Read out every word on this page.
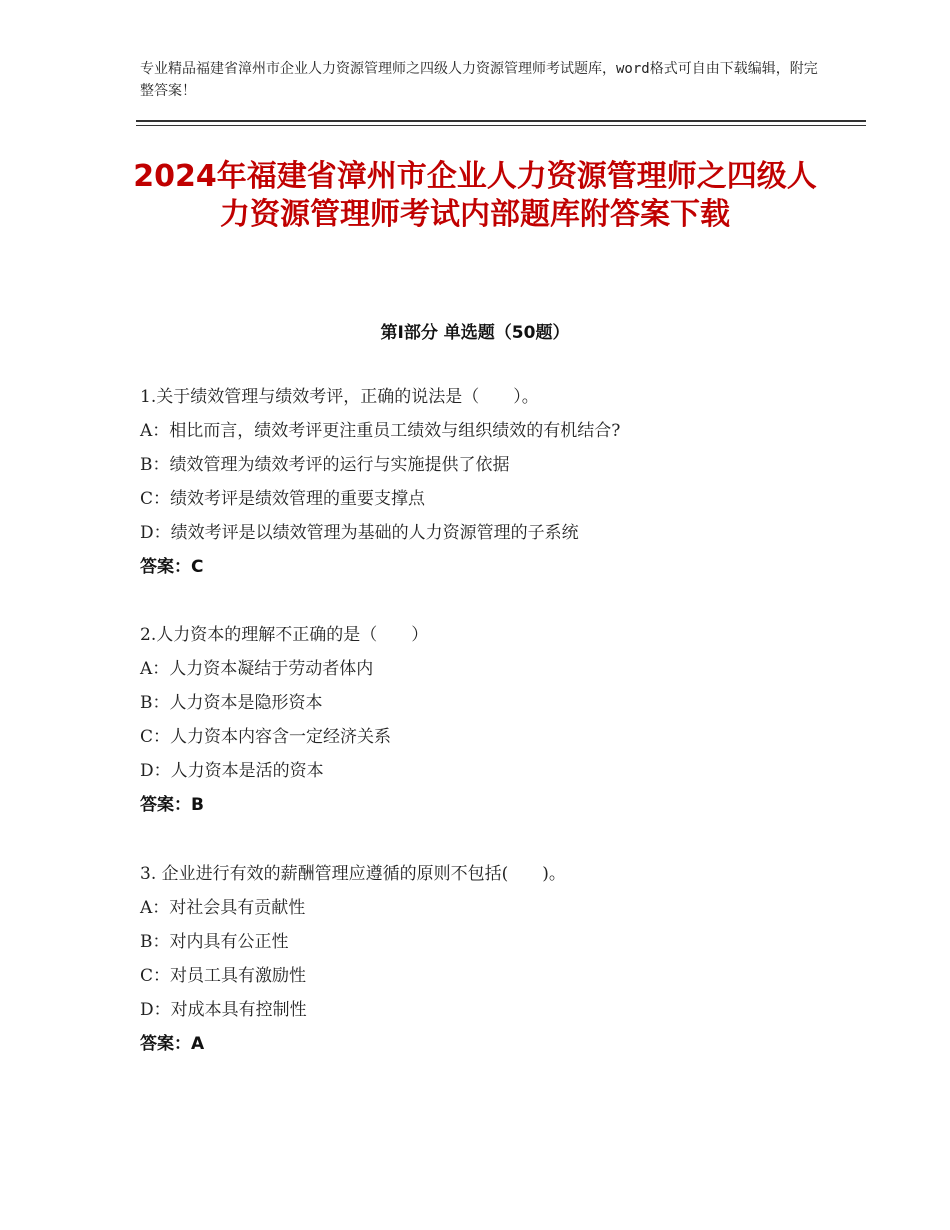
专业精品福建省漳州市企业人力资源管理师之四级人力资源管理师考试题库，word格式可自由下载编辑，附完整答案！
2024年福建省漳州市企业人力资源管理师之四级人力资源管理师考试内部题库附答案下载
第Ⅰ部分 单选题（50题）
1.关于绩效管理与绩效考评，正确的说法是（　　）。
A：相比而言，绩效考评更注重员工绩效与组织绩效的有机结合?
B：绩效管理为绩效考评的运行与实施提供了依据
C：绩效考评是绩效管理的重要支撑点
D：绩效考评是以绩效管理为基础的人力资源管理的子系统
答案：C
2.人力资本的理解不正确的是（　　）
A：人力资本凝结于劳动者体内
B：人力资本是隐形资本
C：人力资本内容含一定经济关系
D：人力资本是活的资本
答案：B
3. 企业进行有效的薪酬管理应遵循的原则不包括(　　)。
A：对社会具有贡献性
B：对内具有公正性
C：对员工具有激励性
D：对成本具有控制性
答案：A
